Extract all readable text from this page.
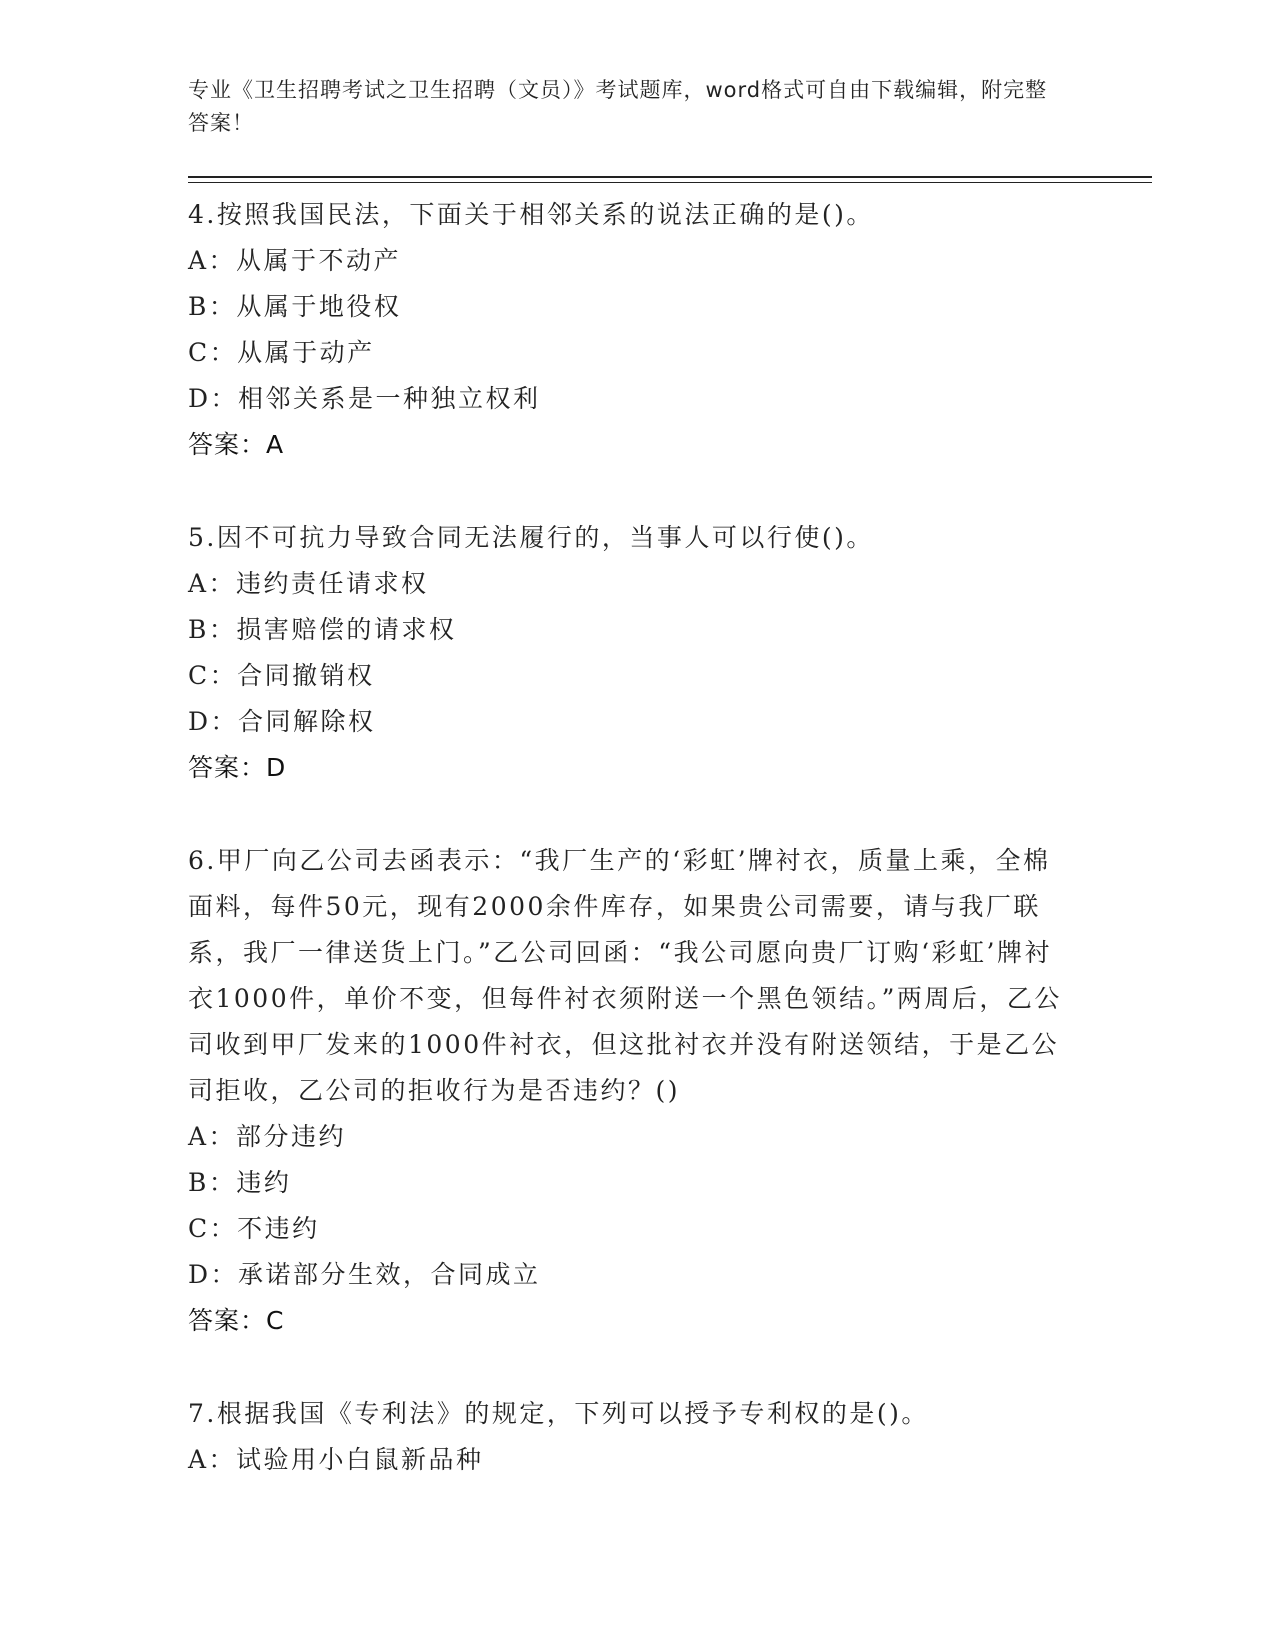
专业《卫生招聘考试之卫生招聘（文员）》考试题库，word格式可自由下载编辑，附完整答案！
4.按照我国民法，下面关于相邻关系的说法正确的是()。
A：从属于不动产
B：从属于地役权
C：从属于动产
D：相邻关系是一种独立权利
答案：A
5.因不可抗力导致合同无法履行的，当事人可以行使()。
A：违约责任请求权
B：损害赔偿的请求权
C：合同撤销权
D：合同解除权
答案：D
6.甲厂向乙公司去函表示：“我厂生产的‘彩虹’牌衬衣，质量上乘，全棉面料，每件50元，现有2000余件库存，如果贵公司需要，请与我厂联系，我厂一律送货上门。”乙公司回函：“我公司愿向贵厂订购‘彩虹’牌衬衣1000件，单价不变，但每件衬衣须附送一个黑色领结。”两周后，乙公司收到甲厂发来的1000件衬衣，但这批衬衣并没有附送领结，于是乙公司拒收，乙公司的拒收行为是否违约？()
A：部分违约
B：违约
C：不违约
D：承诺部分生效，合同成立
答案：C
7.根据我国《专利法》的规定，下列可以授予专利权的是()。
A：试验用小白鼠新品种
